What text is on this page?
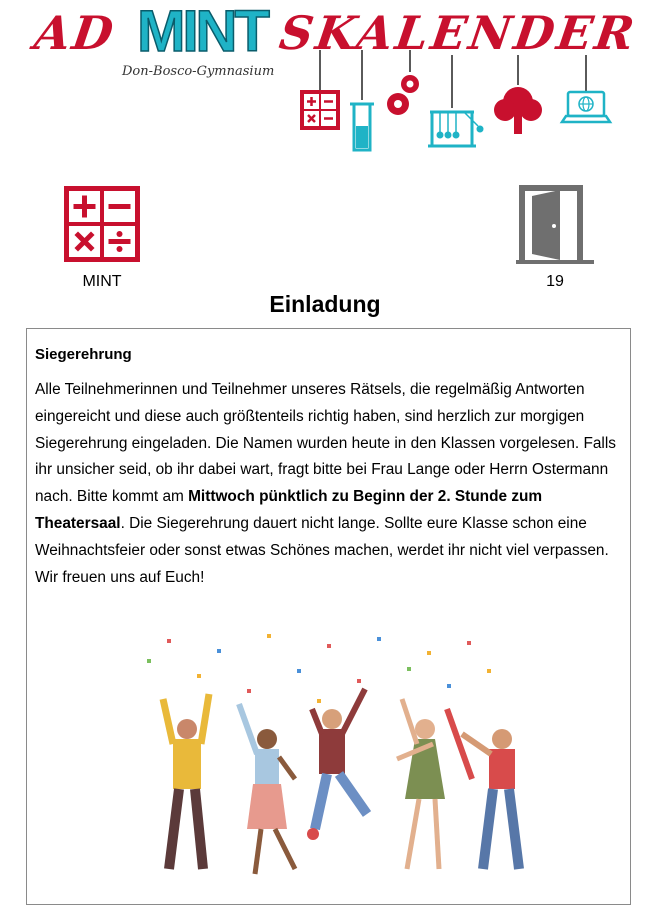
AD MINT SKALENDER
Don-Bosco-Gymnasium
MINT	19
Einladung
Siegerehrung
Alle Teilnehmerinnen und Teilnehmer unseres Rätsels, die regelmäßig Antworten eingereicht und diese auch größtenteils richtig haben, sind herzlich zur morgigen Siegerehrung eingeladen. Die Namen wurden heute in den Klassen vorgelesen. Falls ihr unsicher seid, ob ihr dabei wart, fragt bitte bei Frau Lange oder Herrn Ostermann nach. Bitte kommt am Mittwoch pünktlich zu Beginn der 2. Stunde zum Theatersaal. Die Siegerehrung dauert nicht lange. Sollte eure Klasse schon eine Weihnachtsfeier oder sonst etwas Schönes machen, werdet ihr nicht viel verpassen. Wir freuen uns auf Euch!
